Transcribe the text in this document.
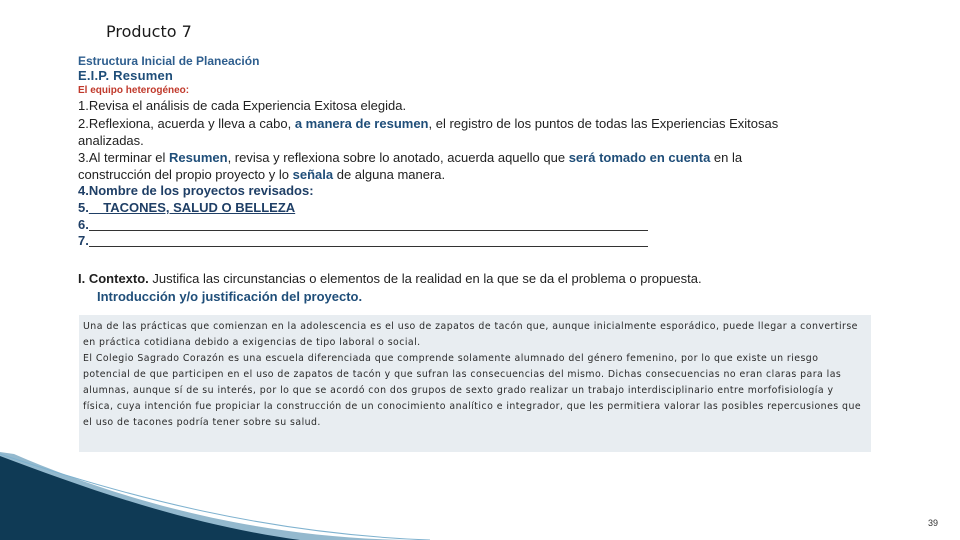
Producto 7
Estructura Inicial de Planeación
E.I.P. Resumen
El equipo heterogéneo:
1.Revisa el análisis de cada Experiencia Exitosa elegida.
2.Reflexiona, acuerda y lleva a cabo, a manera de resumen, el registro de los puntos de todas las Experiencias Exitosas
analizadas.
3.Al terminar el Resumen, revisa y reflexiona sobre lo anotado, acuerda aquello que será tomado en cuenta en la
construcción del propio proyecto y lo señala de alguna manera.
4.Nombre de los proyectos revisados:
5.    TACONES, SALUD O BELLEZA
6.
7.
I. Contexto. Justifica las circunstancias o elementos de la realidad en la que se da el problema o propuesta.
Introducción y/o justificación del proyecto.

Una de las prácticas que comienzan en la adolescencia es el uso de zapatos de tacón que, aunque inicialmente esporádico, puede llegar a convertirse en práctica cotidiana debido a exigencias de tipo laboral o social.

El Colegio Sagrado Corazón es una escuela diferenciada que comprende solamente alumnado del género femenino, por lo que existe un riesgo potencial de que participen en el uso de zapatos de tacón y que sufran las consecuencias del mismo. Dichas consecuencias no eran claras para las alumnas, aunque sí de su interés, por lo que se acordó con dos grupos de sexto grado realizar un trabajo interdisciplinario entre morfofisiología y física, cuya intención fue propiciar la construcción de un conocimiento analítico e integrador, que les permitiera valorar las posibles repercusiones que el uso de tacones podría tener sobre su salud.

39
